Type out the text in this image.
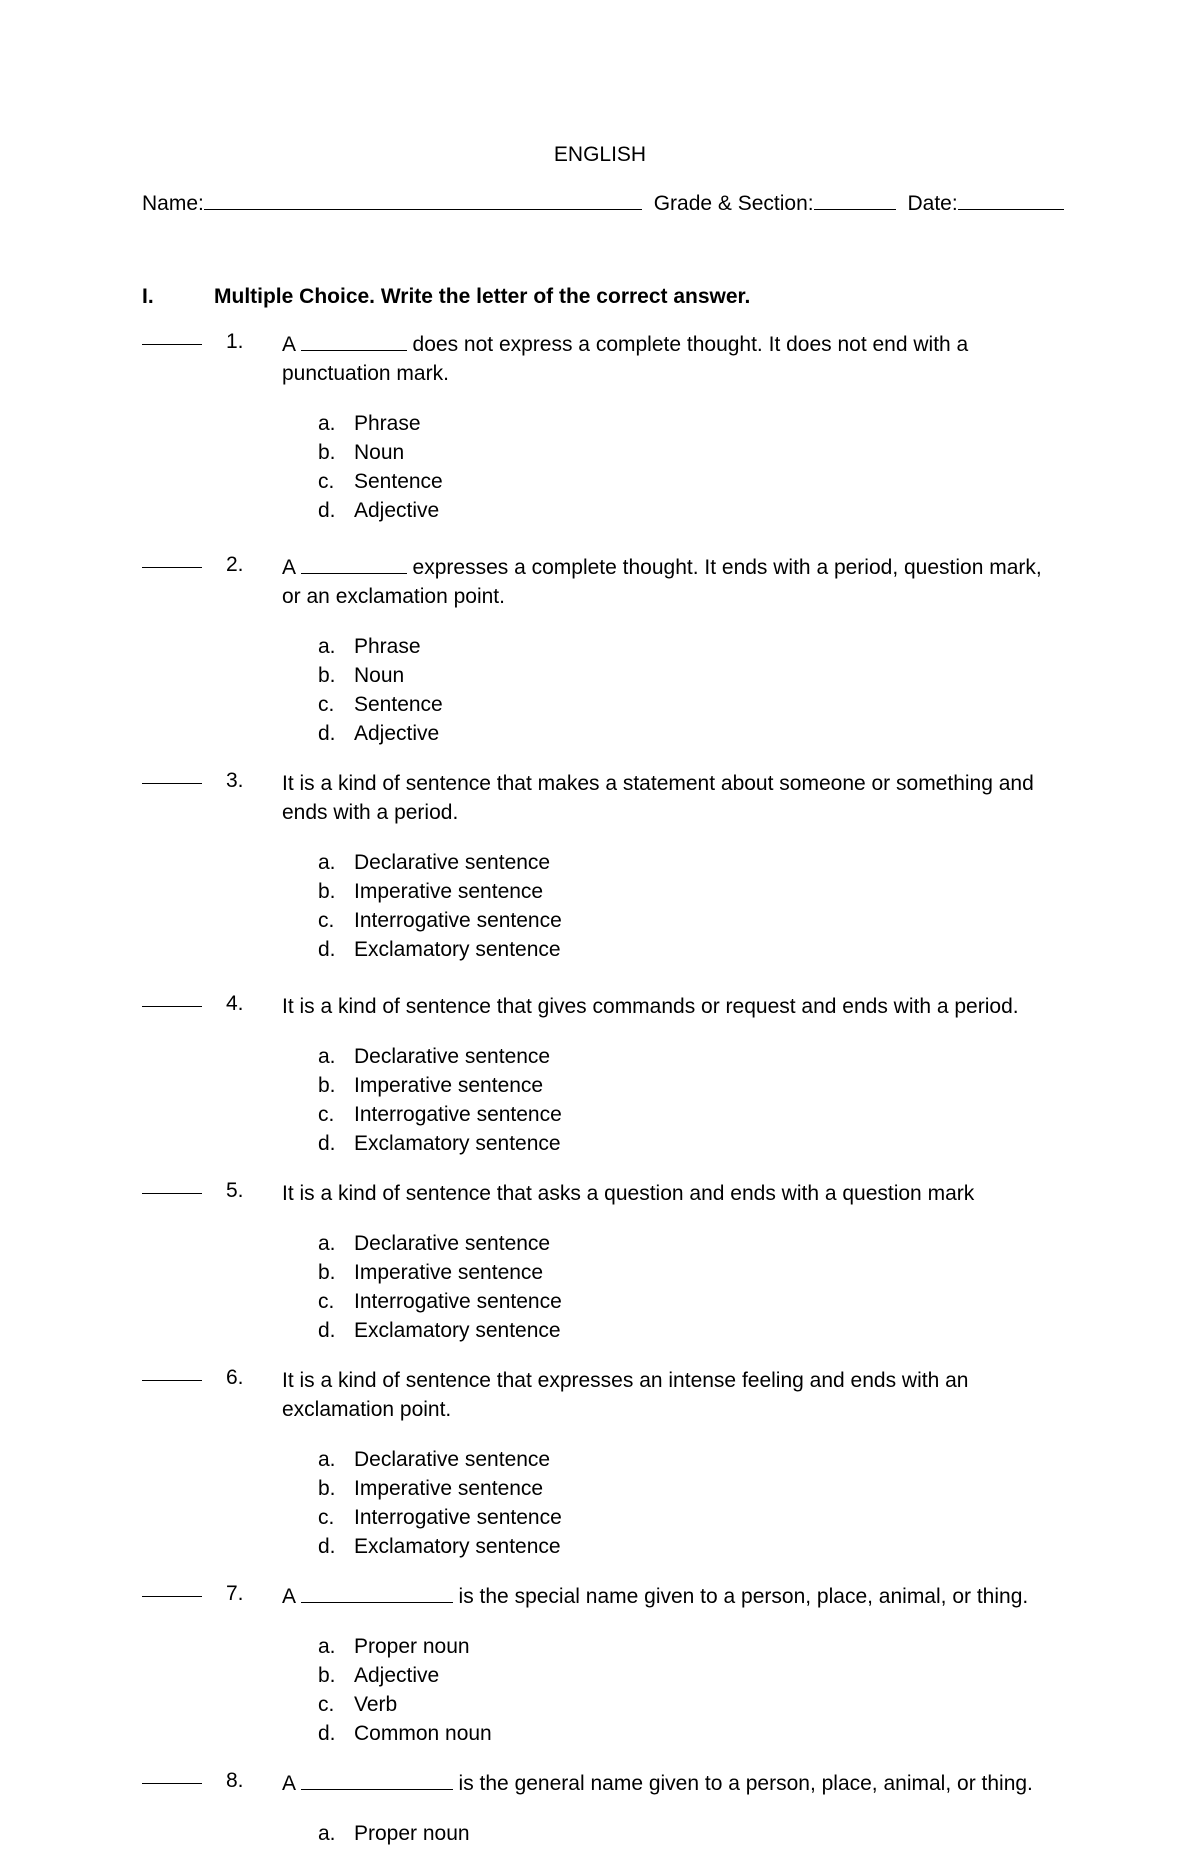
ENGLISH
Name:	Grade & Section:	Date:
I.	Multiple Choice. Write the letter of the correct answer.
1.	A	does not express a complete thought. It does not end with a punctuation mark.
a. Phrase
b. Noun
c. Sentence
d. Adjective
2.	A	expresses a complete thought. It ends with a period, question mark, or an exclamation point.
a. Phrase
b. Noun
c. Sentence
d. Adjective
3.	It is a kind of sentence that makes a statement about someone or something and ends with a period.
a. Declarative sentence
b. Imperative sentence
c. Interrogative sentence
d. Exclamatory sentence
4.	It is a kind of sentence that gives commands or request and ends with a period.
a. Declarative sentence
b. Imperative sentence
c. Interrogative sentence
d. Exclamatory sentence
5.	It is a kind of sentence that asks a question and ends with a question mark
a. Declarative sentence
b. Imperative sentence
c. Interrogative sentence
d. Exclamatory sentence
6.	It is a kind of sentence that expresses an intense feeling and ends with an exclamation point.
a. Declarative sentence
b. Imperative sentence
c. Interrogative sentence
d. Exclamatory sentence
7.	A	is the special name given to a person, place, animal, or thing.
a. Proper noun
b. Adjective
c. Verb
d. Common noun
8.	A	is the general name given to a person, place, animal, or thing.
a. Proper noun
